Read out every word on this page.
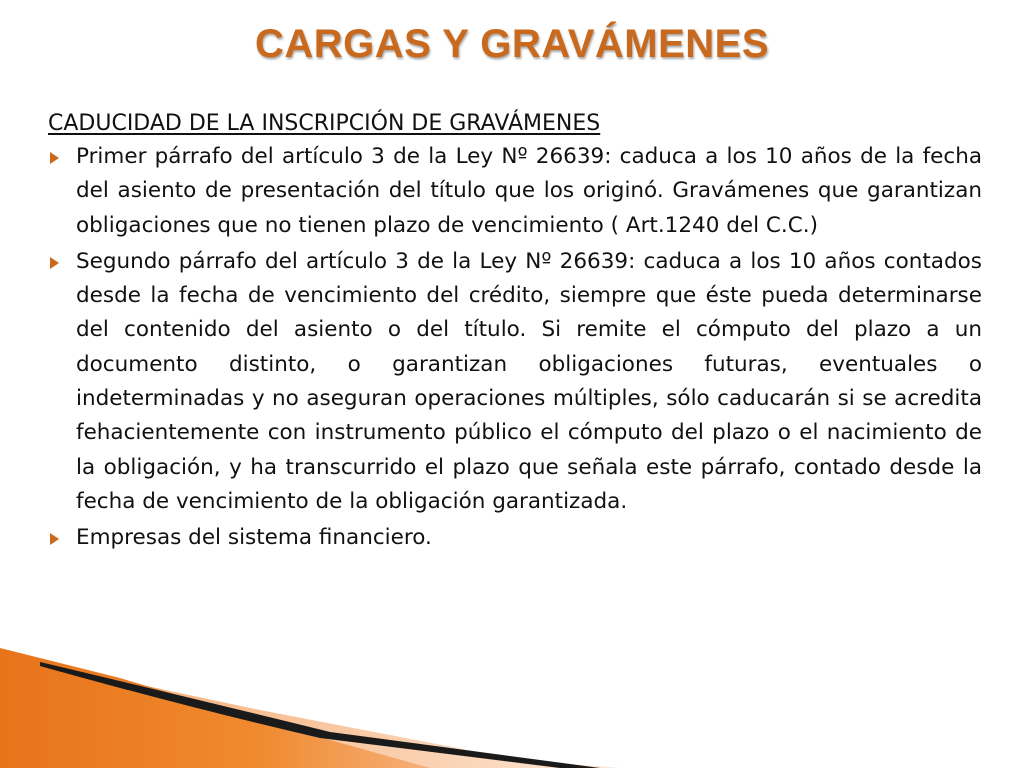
CARGAS Y GRAVÁMENES

CADUCIDAD DE LA INSCRIPCIÓN DE GRAVÁMENES

Primer párrafo del artículo 3 de la Ley Nº 26639: caduca a los 10 años de la fecha del asiento de presentación del título que los originó. Gravámenes que garantizan obligaciones que no tienen plazo de vencimiento ( Art.1240 del C.C.)
Segundo párrafo del artículo 3 de la Ley Nº 26639: caduca a los 10 años contados desde la fecha de vencimiento del crédito, siempre que éste pueda determinarse del contenido del asiento o del título. Si remite el cómputo del plazo a un documento distinto, o garantizan obligaciones futuras, eventuales o indeterminadas y no aseguran operaciones múltiples, sólo caducarán si se acredita fehacientemente con instrumento público el cómputo del plazo o el nacimiento de la obligación, y ha transcurrido el plazo que señala este párrafo, contado desde la fecha de vencimiento de la obligación garantizada.
Empresas del sistema financiero.
